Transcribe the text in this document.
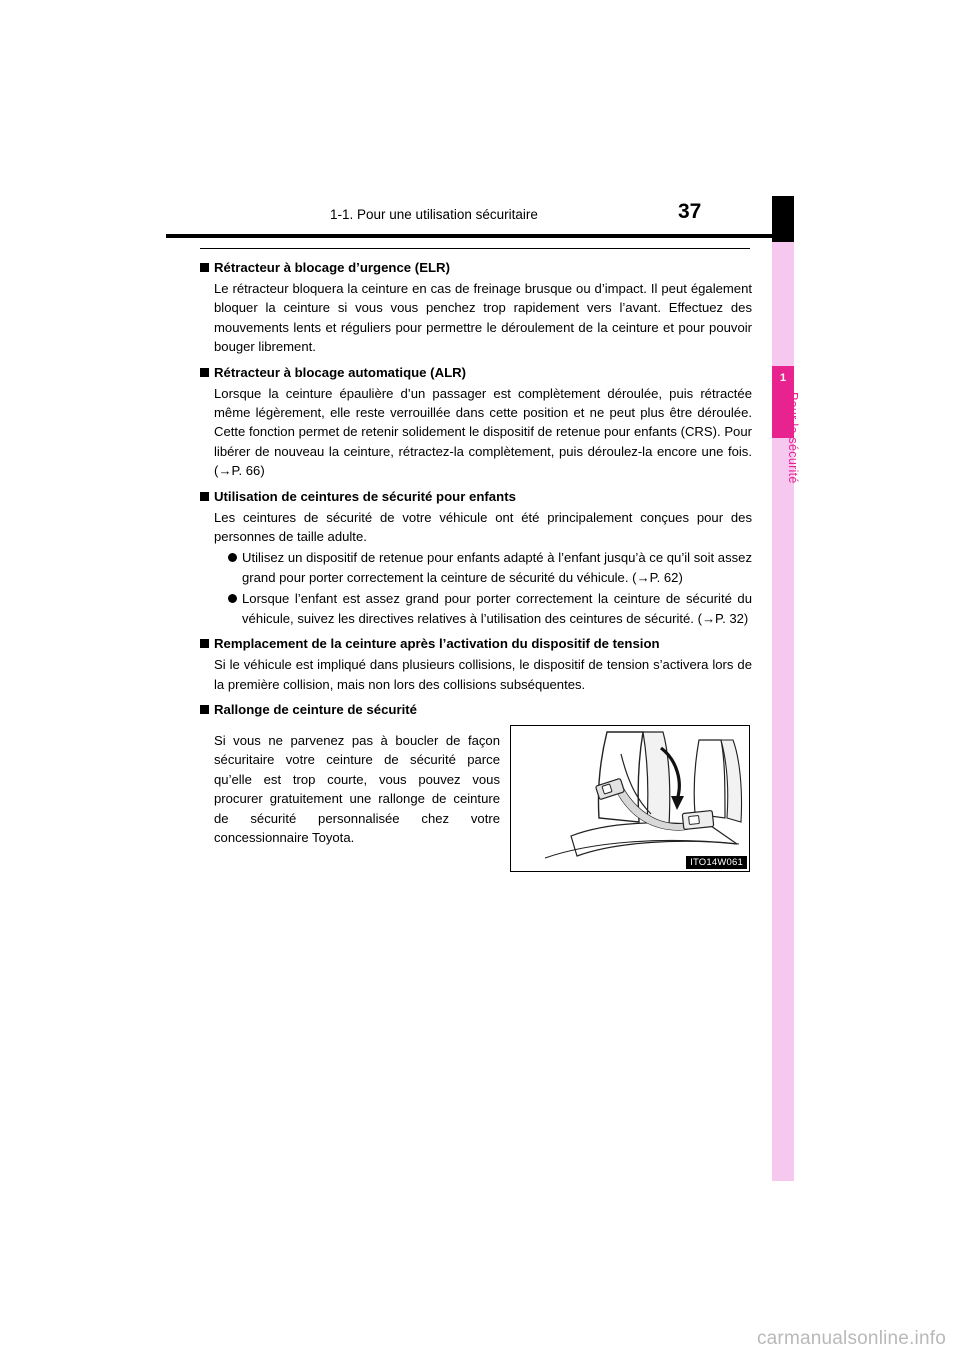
1
Pour la sécurité
37
1-1. Pour une utilisation sécuritaire
Rétracteur à blocage d’urgence (ELR)

Le rétracteur bloquera la ceinture en cas de freinage brusque ou d’impact. Il peut également bloquer la ceinture si vous vous penchez trop rapidement vers l’avant. Effectuez des mouvements lents et réguliers pour permettre le déroulement de la ceinture et pour pouvoir bouger librement.

Rétracteur à blocage automatique (ALR)

Lorsque la ceinture épaulière d’un passager est complètement déroulée, puis rétractée même légèrement, elle reste verrouillée dans cette position et ne peut plus être déroulée. Cette fonction permet de retenir solidement le dispositif de retenue pour enfants (CRS). Pour libérer de nouveau la ceinture, rétractez-la complètement, puis déroulez-la encore une fois. (→P. 66)

Utilisation de ceintures de sécurité pour enfants

Les ceintures de sécurité de votre véhicule ont été principalement conçues pour des personnes de taille adulte.

Utilisez un dispositif de retenue pour enfants adapté à l’enfant jusqu’à ce qu’il soit assez grand pour porter correctement la ceinture de sécurité du véhicule. (→P. 62)
Lorsque l’enfant est assez grand pour porter correctement la ceinture de sécurité du véhicule, suivez les directives relatives à l’utilisation des ceintures de sécurité. (→P. 32)
Remplacement de la ceinture après l’activation du dispositif de tension

Si le véhicule est impliqué dans plusieurs collisions, le dispositif de tension s’activera lors de la première collision, mais non lors des collisions subséquentes.

Rallonge de ceinture de sécurité
Si vous ne parvenez pas à boucler de façon sécuritaire votre ceinture de sécurité parce qu’elle est trop courte, vous pouvez vous procurer gratuitement une rallonge de ceinture de sécurité personnalisée chez votre concessionnaire Toyota.
ITO14W061
carmanualsonline.info
